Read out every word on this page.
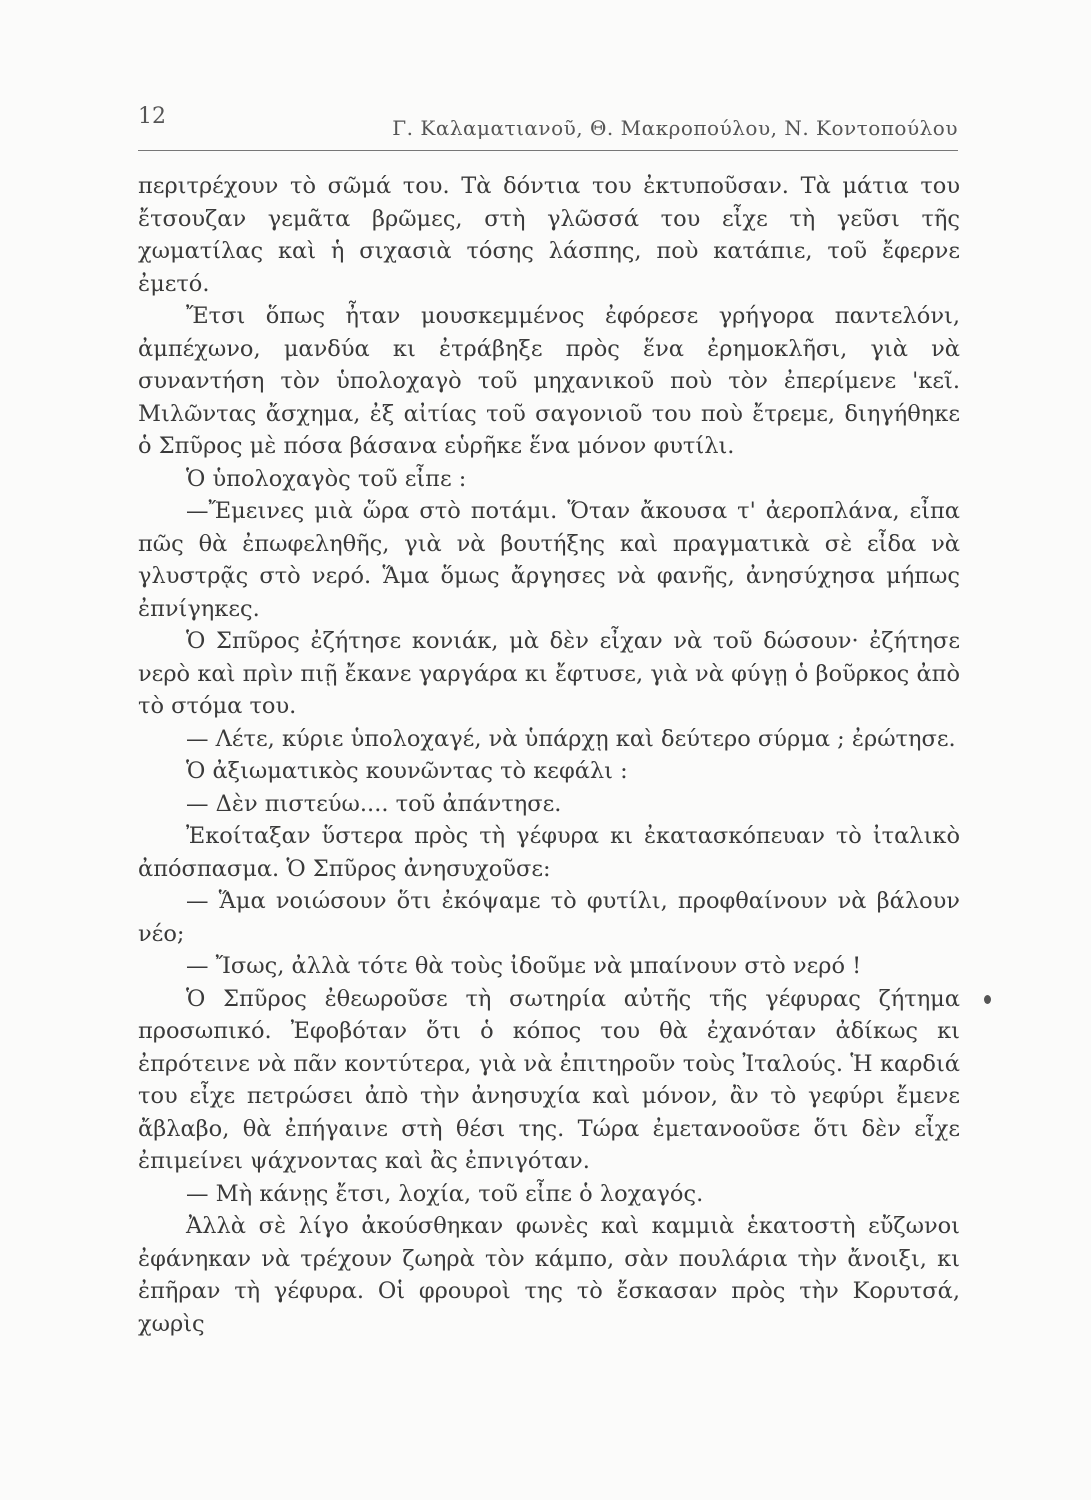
12	Γ. Καλαματιανοῦ, Θ. Μακροπούλου, Ν. Κοντοπούλου

περιτρέχουν τὸ σῶμά του. Τὰ δόντια του ἐκτυποῦσαν. Τὰ μάτια του ἔτσουζαν γεμᾶτα βρῶμες, στὴ γλῶσσά του εἶχε τὴ γεῦσι τῆς χωματίλας καὶ ἡ σιχασιὰ τόσης λάσπης, ποὺ κατάπιε, τοῦ ἔφερνε ἐμετό.

Ἔτσι ὅπως ἦταν μουσκεμμένος ἐφόρεσε γρήγορα παντελόνι, ἀμπέχωνο, μανδύα κι ἐτράβηξε πρὸς ἕνα ἐρημοκλῆσι, γιὰ νὰ συναντήση τὸν ὑπολοχαγὸ τοῦ μηχανικοῦ ποὺ τὸν ἐπερίμενε 'κεῖ. Μιλῶντας ἄσχημα, ἐξ αἰτίας τοῦ σαγονιοῦ του ποὺ ἔτρεμε, διηγήθηκε ὁ Σπῦρος μὲ πόσα βάσανα εὑρῆκε ἕνα μόνον φυτίλι.

Ὁ ὑπολοχαγὸς τοῦ εἶπε :

—Ἔμεινες μιὰ ὥρα στὸ ποτάμι. Ὅταν ἄκουσα τ' ἀεροπλάνα, εἶπα πῶς θὰ ἐπωφεληθῆς, γιὰ νὰ βουτήξης καὶ πραγματικὰ σὲ εἶδα νὰ γλυστρᾷς στὸ νερό. Ἅμα ὅμως ἄργησες νὰ φανῆς, ἀνησύχησα μήπως ἐπνίγηκες.

Ὁ Σπῦρος ἐζήτησε κονιάκ, μὰ δὲν εἶχαν νὰ τοῦ δώσουν· ἐζήτησε νερὸ καὶ πρὶν πιῇ ἔκανε γαργάρα κι ἔφτυσε, γιὰ νὰ φύγῃ ὁ βοῦρκος ἀπὸ τὸ στόμα του.

— Λέτε, κύριε ὑπολοχαγέ, νὰ ὑπάρχῃ καὶ δεύτερο σύρμα ; ἐρώτησε.

Ὁ ἀξιωματικὸς κουνῶντας τὸ κεφάλι :

— Δὲν πιστεύω.... τοῦ ἀπάντησε.

Ἐκοίταξαν ὕστερα πρὸς τὴ γέφυρα κι ἐκατασκόπευαν τὸ ἰταλικὸ ἀπόσπασμα. Ὁ Σπῦρος ἀνησυχοῦσε:

— Ἅμα νοιώσουν ὅτι ἐκόψαμε τὸ φυτίλι, προφθαίνουν νὰ βάλουν νέο;

— Ἴσως, ἀλλὰ τότε θὰ τοὺς ἰδοῦμε νὰ μπαίνουν στὸ νερό !

Ὁ Σπῦρος ἐθεωροῦσε τὴ σωτηρία αὐτῆς τῆς γέφυρας ζήτημα προσωπικό. Ἐφοβόταν ὅτι ὁ κόπος του θὰ ἐχανόταν ἀδίκως κι ἐπρότεινε νὰ πᾶν κοντύτερα, γιὰ νὰ ἐπιτηροῦν τοὺς Ἰταλούς. Ἡ καρδιά του εἶχε πετρώσει ἀπὸ τὴν ἀνησυχία καὶ μόνον, ἂν τὸ γεφύρι ἔμενε ἄβλαβο, θὰ ἐπήγαινε στὴ θέσι της. Τώρα ἐμετανοοῦσε ὅτι δὲν εἶχε ἐπιμείνει ψάχνοντας καὶ ἂς ἐπνιγόταν.

— Μὴ κάνῃς ἔτσι, λοχία, τοῦ εἶπε ὁ λοχαγός.

Ἀλλὰ σὲ λίγο ἀκούσθηκαν φωνὲς καὶ καμμιὰ ἑκατοστὴ εὔζωνοι ἐφάνηκαν νὰ τρέχουν ζωηρὰ τὸν κάμπο, σὰν πουλάρια τὴν ἄνοιξι, κι ἐπῆραν τὴ γέφυρα. Οἱ φρουροὶ της τὸ ἔσκασαν πρὸς τὴν Κορυτσά, χωρὶς
